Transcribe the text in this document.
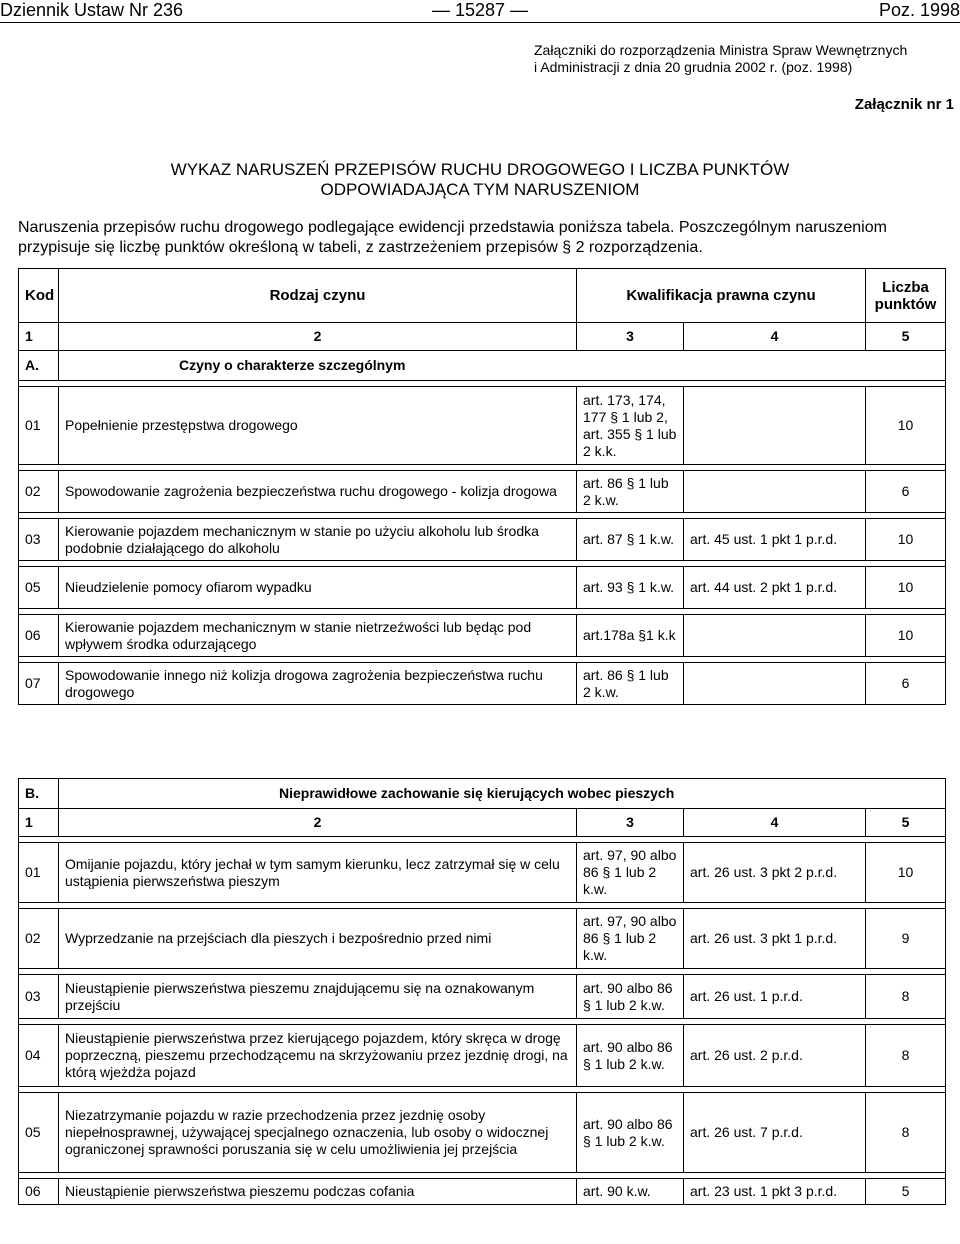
Dziennik Ustaw Nr 236	— 15287 —	Poz. 1998
Załączniki do rozporządzenia Ministra Spraw Wewnętrznych
i Administracji z dnia 20 grudnia 2002 r. (poz. 1998)
Załącznik nr 1
WYKAZ NARUSZEŃ PRZEPISÓW RUCHU DROGOWEGO I LICZBA PUNKTÓW
ODPOWIADAJĄCA TYM NARUSZENIOM
Naruszenia przepisów ruchu drogowego podlegające ewidencji przedstawia poniższa tabela. Poszczególnym naruszeniom przypisuje się liczbę punktów określoną w tabeli, z zastrzeżeniem przepisów § 2 rozporządzenia.
Kod	Rodzaj czynu	Kwalifikacja prawna czynu		Liczba
punktów

1	2	3	4	5
A.	Czyny o charakterze szczególnym			

01	Popełnienie przestępstwa drogowego	art. 173, 174, 177 § 1 lub 2, art. 355 § 1 lub 2 k.k.		10

02	Spowodowanie zagrożenia bezpieczeństwa ruchu drogowego - kolizja drogowa	art. 86 § 1 lub 2 k.w.		6

03	Kierowanie pojazdem mechanicznym w stanie po użyciu alkoholu lub środka podobnie działającego do alkoholu	art. 87 § 1 k.w.	art. 45 ust. 1 pkt 1 p.r.d.	10

05	Nieudzielenie pomocy ofiarom wypadku	art. 93 § 1 k.w.	art. 44 ust. 2 pkt 1 p.r.d.	10

06	Kierowanie pojazdem mechanicznym w stanie nietrzeźwości lub będąc pod wpływem środka odurzającego	art.178a §1 k.k		10

07	Spowodowanie innego niż kolizja drogowa zagrożenia bezpieczeństwa ruchu drogowego	art. 86 § 1 lub 2 k.w.		6
B.	Nieprawidłowe zachowanie się kierujących wobec pieszych			
1	2	3	4	5

01	Omijanie pojazdu, który jechał w tym samym kierunku, lecz zatrzymał się w celu ustąpienia pierwszeństwa pieszym	art. 97, 90 albo 86 § 1 lub 2 k.w.	art. 26 ust. 3 pkt 2 p.r.d.	10

02	Wyprzedzanie na przejściach dla pieszych i bezpośrednio przed nimi	art. 97, 90 albo 86 § 1 lub 2 k.w.	art. 26 ust. 3 pkt 1 p.r.d.	9

03	Nieustąpienie pierwszeństwa pieszemu znajdującemu się na oznakowanym przejściu	art. 90 albo 86 § 1 lub 2 k.w.	art. 26 ust. 1 p.r.d.	8

04	Nieustąpienie pierwszeństwa przez kierującego pojazdem, który skręca w drogę poprzeczną, pieszemu przechodzącemu na skrzyżowaniu przez jezdnię drogi, na którą wjeżdża pojazd	art. 90 albo 86 § 1 lub 2 k.w.	art. 26 ust. 2 p.r.d.	8

05	Niezatrzymanie pojazdu w razie przechodzenia przez jezdnię osoby niepełnosprawnej, używającej specjalnego oznaczenia, lub osoby o widocznej ograniczonej sprawności poruszania się w celu umożliwienia jej przejścia	art. 90 albo 86 § 1 lub 2 k.w.	art. 26 ust. 7 p.r.d.	8

06	Nieustąpienie pierwszeństwa pieszemu podczas cofania	art. 90 k.w.	art. 23 ust. 1 pkt 3 p.r.d.	5
